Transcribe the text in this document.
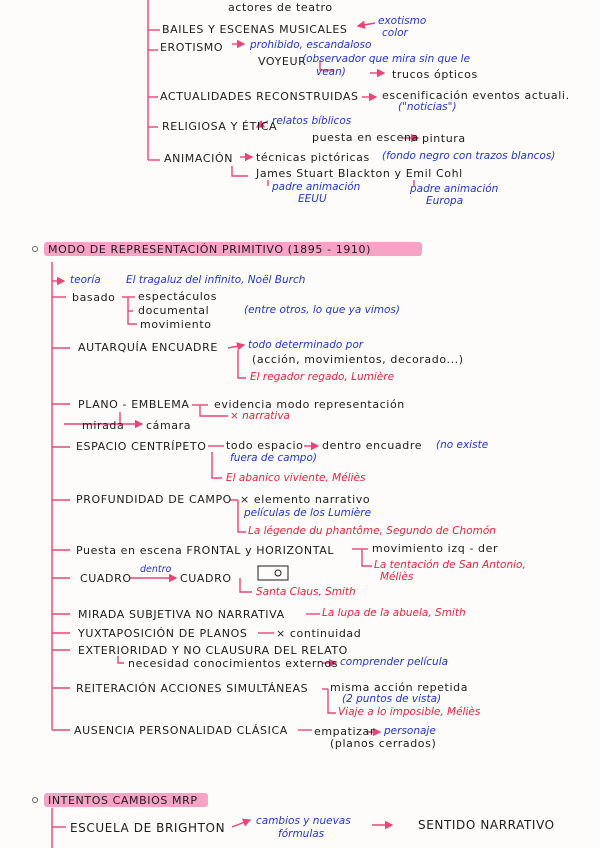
actores de teatro
BAILES Y ESCENAS MUSICALES
exotismo
color
EROTISMO	prohibido, escandaloso
VOYEUR
(observador que mira sin que le
vean)	trucos ópticos
ACTUALIDADES RECONSTRUIDAS escenificación eventos actuali.
("noticias")
RELIGIOSA Y ÉTICA
relatos bíblicos
puesta en escena pintura
ANIMACIÓN técnicas pictóricas (fondo negro con trazos blancos)
James Stuart Blackton y Emil Cohl
padre animación
EEUU
padre animación
Europa
MODO DE REPRESENTACIÓN PRIMITIVO (1895 - 1910)
teoría El tragaluz del infinito, Noël Burch
basado espectáculos
documental
movimiento
(entre otros, lo que ya vimos)
AUTARQUÍA ENCUADRE	todo determinado por
(acción, movimientos, decorado...)
El regador regado, Lumière
PLANO - EMBLEMA evidencia modo representación
× narrativa
mirada cámara
ESPACIO CENTRÍPETO todo espacio dentro encuadre (no existe
fuera de campo)
El abanico viviente, Méliès
PROFUNDIDAD DE CAMPO × elemento narrativo
películas de los Lumière
La légende du phantôme, Segundo de Chomón
Puesta en escena FRONTAL y HORIZONTAL	movimiento izq - der
La tentación de San Antonio,
Méliès
CUADRO
dentro
CUADRO
Santa Claus, Smith
MIRADA SUBJETIVA NO NARRATIVA	La lupa de la abuela, Smith
YUXTAPOSICIÓN DE PLANOS	× continuidad
EXTERIORIDAD Y NO CLAUSURA DEL RELATO
necesidad conocimientos externos comprender película
REITERACIÓN ACCIONES SIMULTÁNEAS misma acción repetida
(2 puntos de vista)
Viaje a lo imposible, Méliès
AUSENCIA PERSONALIDAD CLÁSICA empatizar personaje
(planos cerrados)
INTENTOS CAMBIOS MRP
ESCUELA DE BRIGHTON	cambios y nuevas
fórmulas
SENTIDO NARRATIVO
